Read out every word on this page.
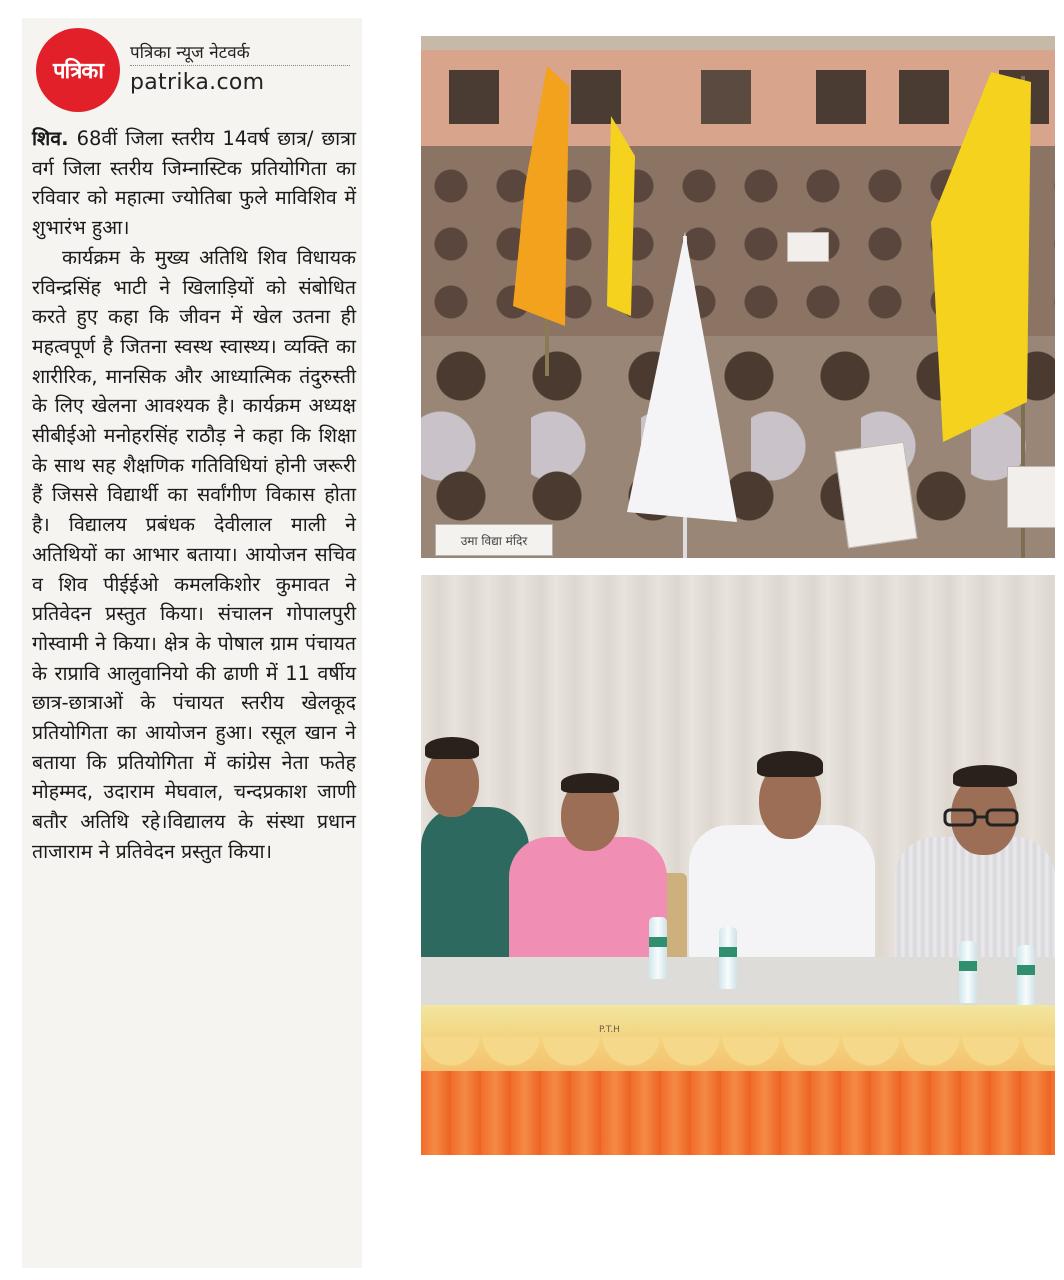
पत्रिका
पत्रिका न्यूज नेटवर्क
patrika.com

शिव. 68वीं जिला स्तरीय 14वर्ष छात्र/ छात्रा वर्ग जिला स्तरीय जिम्नास्टिक प्रतियोगिता का रविवार को महात्मा ज्योतिबा फुले माविशिव में शुभारंभ हुआ।

कार्यक्रम के मुख्य अतिथि शिव विधायक रविन्द्रसिंह भाटी ने खिलाड़ियों को संबोधित करते हुए कहा कि जीवन में खेल उतना ही महत्वपूर्ण है जितना स्वस्थ स्वास्थ्य। व्यक्ति का शारीरिक, मानसिक और आध्यात्मिक तंदुरुस्ती के लिए खेलना आवश्यक है। कार्यक्रम अध्यक्ष सीबीईओ मनोहरसिंह राठौड़ ने कहा कि शिक्षा के साथ सह शैक्षणिक गतिविधियां होनी जरूरी हैं जिससे विद्यार्थी का सर्वांगीण विकास होता है। विद्यालय प्रबंधक देवीलाल माली ने अतिथियों का आभार बताया। आयोजन सचिव व शिव पीईईओ कमलकिशोर कुमावत ने प्रतिवेदन प्रस्तुत किया। संचालन गोपालपुरी गोस्वामी ने किया। क्षेत्र के पोषाल ग्राम पंचायत के राप्रावि आलुवानियो की ढाणी में 11 वर्षीय छात्र-छात्राओं के पंचायत स्तरीय खेलकूद प्रतियोगिता का आयोजन हुआ। रसूल खान ने बताया कि प्रतियोगिता में कांग्रेस नेता फतेह मोहम्मद, उदाराम मेघवाल, चन्दप्रकाश जाणी बतौर अतिथि रहे।विद्यालय के संस्था प्रधान ताजाराम ने प्रतिवेदन प्रस्तुत किया।

उमा विद्या मंदिर
P.T.H
